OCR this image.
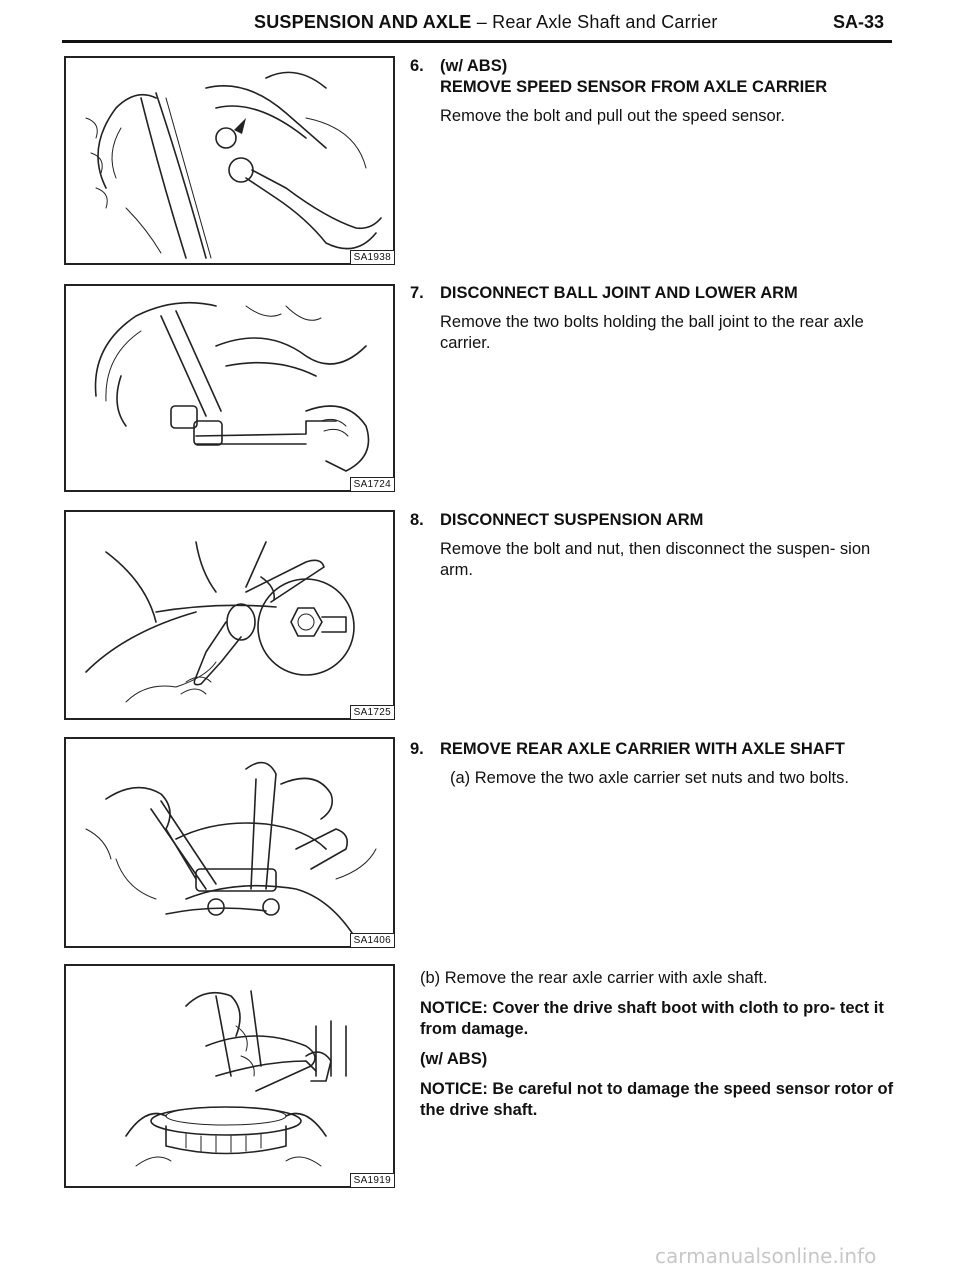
SUSPENSION AND AXLE – Rear Axle Shaft and Carrier	SA-33
SA1938
SA1724
SA1725
SA1406
SA1919
6. (w/ ABS)
REMOVE SPEED SENSOR FROM AXLE CARRIER
Remove the bolt and pull out the speed sensor.
7. DISCONNECT BALL JOINT AND LOWER ARM
Remove the two bolts holding the ball joint to the rear axle carrier.
8. DISCONNECT SUSPENSION ARM
Remove the bolt and nut, then disconnect the suspen- sion arm.
9. REMOVE REAR AXLE CARRIER WITH AXLE SHAFT
(a) Remove the two axle carrier set nuts and two bolts.

(b) Remove the rear axle carrier with axle shaft.

NOTICE: Cover the drive shaft boot with cloth to pro- tect it from damage.

(w/ ABS)

NOTICE: Be careful not to damage the speed sensor rotor of the drive shaft.

carmanualsonline.info
